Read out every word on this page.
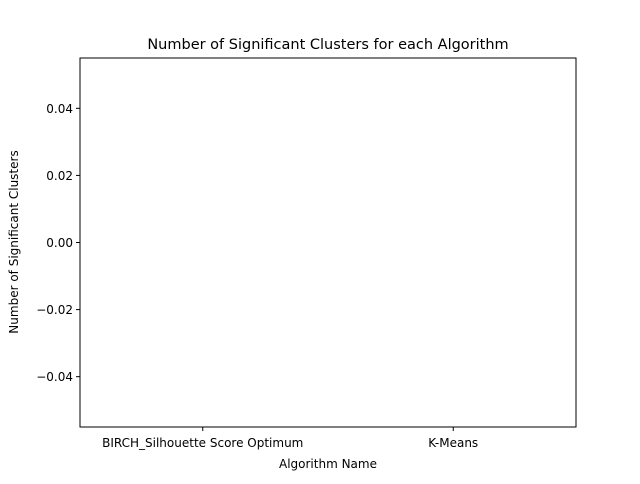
Number of Significant Clusters for each Algorithm
−0.04
−0.02
0.00
0.02
0.04
BIRCH_Silhouette Score Optimum	K-Means
Algorithm Name
Number of Significant Clusters
